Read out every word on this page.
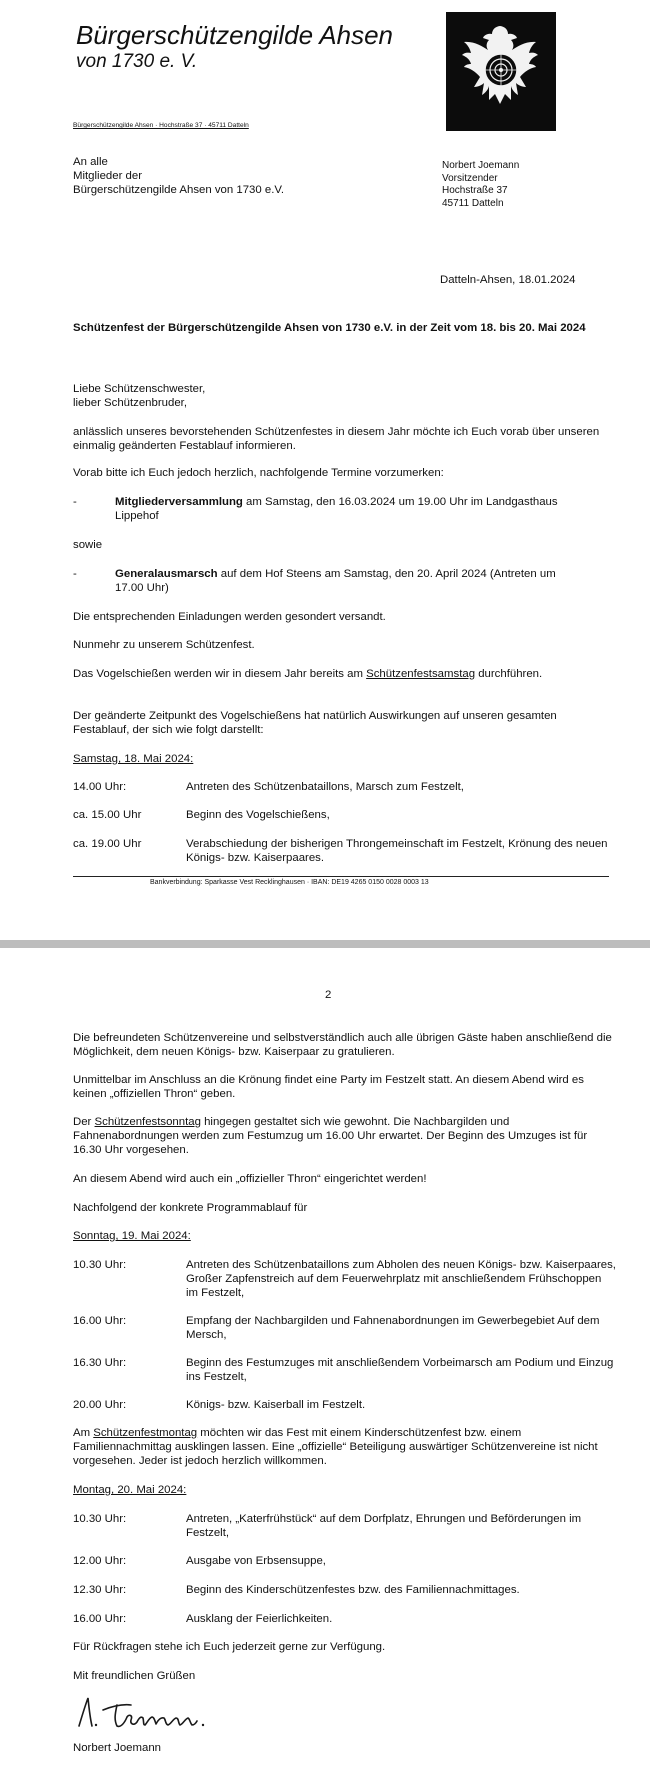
Bürgerschützengilde Ahsen
von 1730 e. V.
Bürgerschützengilde Ahsen · Hochstraße 37 · 45711 Datteln

An alle

Mitglieder der

Bürgerschützengilde Ahsen von 1730 e.V.

Norbert Joemann

Vorsitzender

Hochstraße 37

45711 Datteln

Datteln-Ahsen, 18.01.2024
Schützenfest der Bürgerschützengilde Ahsen von 1730 e.V. in der Zeit vom 18. bis 20. Mai 2024

Liebe Schützenschwester,

lieber Schützenbruder,

anlässlich unseres bevorstehenden Schützenfestes in diesem Jahr möchte ich Euch vorab über unseren einmalig geänderten Festablauf informieren.
Vorab bitte ich Euch jedoch herzlich, nachfolgende Termine vorzumerken:
-	Mitgliederversammlung am Samstag, den 16.03.2024 um 19.00 Uhr im Landgasthaus Lippehof
sowie
-	Generalausmarsch auf dem Hof Steens am Samstag, den 20. April 2024 (Antreten um 17.00 Uhr)
Die entsprechenden Einladungen werden gesondert versandt.
Nunmehr zu unserem Schützenfest.
Das Vogelschießen werden wir in diesem Jahr bereits am Schützenfestsamstag durchführen.
Der geänderte Zeitpunkt des Vogelschießens hat natürlich Auswirkungen auf unseren gesamten Festablauf, der sich wie folgt darstellt:
Samstag, 18. Mai 2024:
14.00 Uhr:	Antreten des Schützenbataillons, Marsch zum Festzelt,
ca. 15.00 Uhr	Beginn des Vogelschießens,
ca. 19.00 Uhr	Verabschiedung der bisherigen Throngemeinschaft im Festzelt, Krönung des neuen Königs- bzw. Kaiserpaares.
Bankverbindung: Sparkasse Vest Recklinghausen · IBAN: DE19 4265 0150 0028 0003 13
2
Die befreundeten Schützenvereine und selbstverständlich auch alle übrigen Gäste haben anschließend die Möglichkeit, dem neuen Königs- bzw. Kaiserpaar zu gratulieren.
Unmittelbar im Anschluss an die Krönung findet eine Party im Festzelt statt. An diesem Abend wird es keinen „offiziellen Thron“ geben.
Der Schützenfestsonntag hingegen gestaltet sich wie gewohnt. Die Nachbargilden und Fahnenabordnungen werden zum Festumzug um 16.00 Uhr erwartet. Der Beginn des Umzuges ist für 16.30 Uhr vorgesehen.
An diesem Abend wird auch ein „offizieller Thron“ eingerichtet werden!
Nachfolgend der konkrete Programmablauf für
Sonntag, 19. Mai 2024:
10.30 Uhr:	Antreten des Schützenbataillons zum Abholen des neuen Königs- bzw. Kaiserpaares, Großer Zapfenstreich auf dem Feuerwehrplatz mit anschließendem Frühschoppen im Festzelt,
16.00 Uhr:	Empfang der Nachbargilden und Fahnenabordnungen im Gewerbegebiet Auf dem Mersch,
16.30 Uhr:	Beginn des Festumzuges mit anschließendem Vorbeimarsch am Podium und Einzug ins Festzelt,
20.00 Uhr:	Königs- bzw. Kaiserball im Festzelt.
Am Schützenfestmontag möchten wir das Fest mit einem Kinderschützenfest bzw. einem Familiennachmittag ausklingen lassen. Eine „offizielle“ Beteiligung auswärtiger Schützenvereine ist nicht vorgesehen. Jeder ist jedoch herzlich willkommen.
Montag, 20. Mai 2024:
10.30 Uhr:	Antreten, „Katerfrühstück“ auf dem Dorfplatz, Ehrungen und Beförderungen im Festzelt,
12.00 Uhr:	Ausgabe von Erbsensuppe,
12.30 Uhr:	Beginn des Kinderschützenfestes bzw. des Familiennachmittages.
16.00 Uhr:	Ausklang der Feierlichkeiten.
Für Rückfragen stehe ich Euch jederzeit gerne zur Verfügung.
Mit freundlichen Grüßen
Norbert Joemann
